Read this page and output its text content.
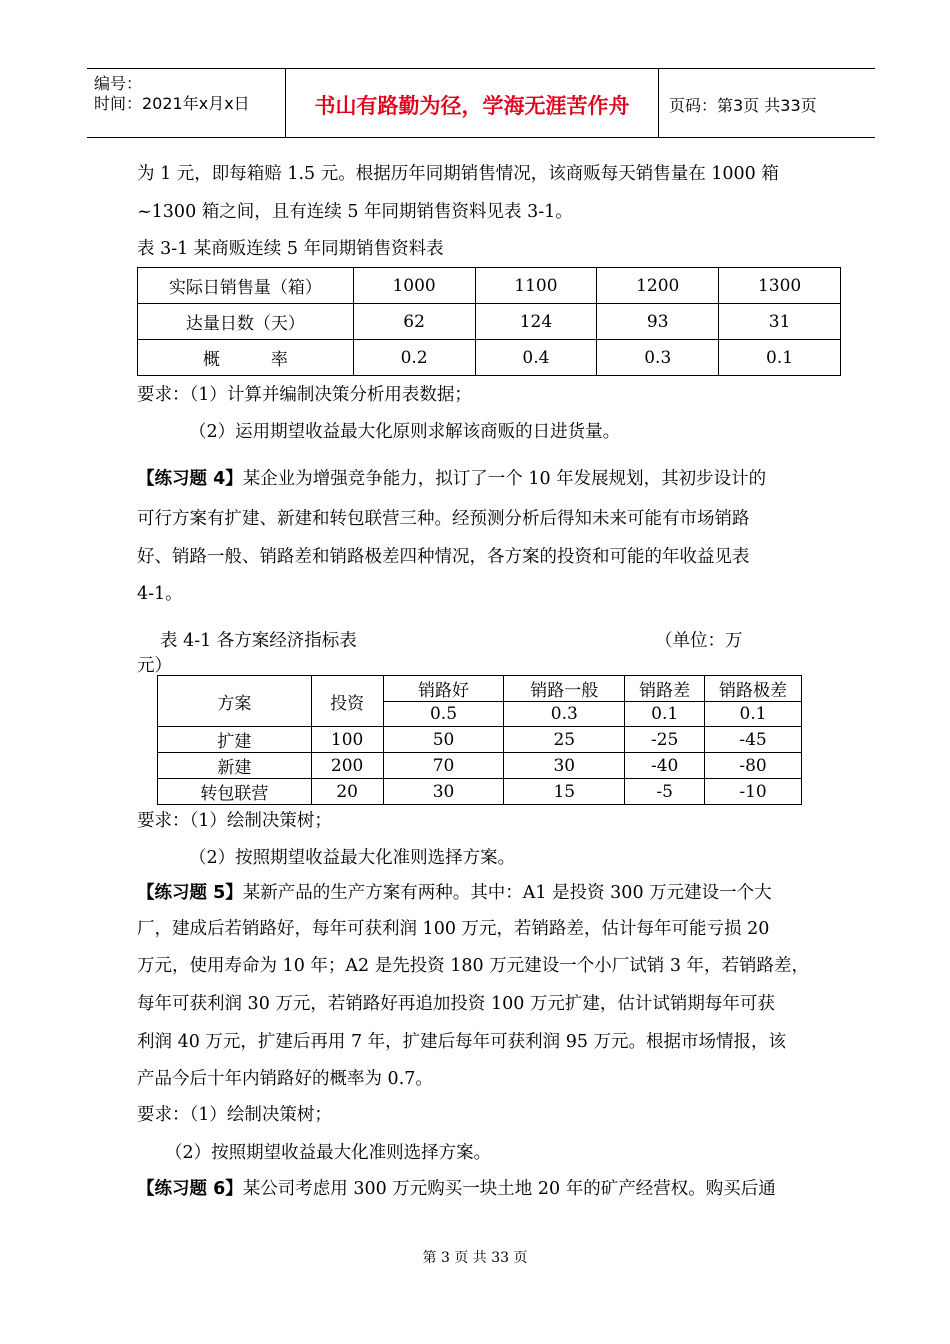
编号：
时间：2021年x月x日	书山有路勤为径，学海无涯苦作舟	页码：第3页 共33页
为 1 元，即每箱赔 1.5 元。根据历年同期销售情况，该商贩每天销售量在 1000 箱
~1300 箱之间，且有连续 5 年同期销售资料见表 3-1。
表 3-1 某商贩连续 5 年同期销售资料表
实际日销售量（箱）	1000	1100	1200	1300
达量日数（天）	62	124	93	31
概　　　率	0.2	0.4	0.3	0.1
要求：（1）计算并编制决策分析用表数据；
（2）运用期望收益最大化原则求解该商贩的日进货量。
【练习题 4】某企业为增强竞争能力，拟订了一个 10 年发展规划，其初步设计的
可行方案有扩建、新建和转包联营三种。经预测分析后得知未来可能有市场销路
好、销路一般、销路差和销路极差四种情况，各方案的投资和可能的年收益见表
4-1。
表 4-1 各方案经济指标表	（单位：万
元）
方案	投资	销路好	销路一般	销路差	销路极差
		0.5	0.3	0.1	0.1
扩建	100	50	25	-25	-45
新建	200	70	30	-40	-80
转包联营	20	30	15	-5	-10
要求：（1）绘制决策树；
（2）按照期望收益最大化准则选择方案。
【练习题 5】某新产品的生产方案有两种。其中：A1 是投资 300 万元建设一个大
厂，建成后若销路好，每年可获利润 100 万元，若销路差，估计每年可能亏损 20
万元，使用寿命为 10 年；A2 是先投资 180 万元建设一个小厂试销 3 年，若销路差，
每年可获利润 30 万元，若销路好再追加投资 100 万元扩建，估计试销期每年可获
利润 40 万元，扩建后再用 7 年，扩建后每年可获利润 95 万元。根据市场情报，该
产品今后十年内销路好的概率为 0.7。
要求：（1）绘制决策树；
（2）按照期望收益最大化准则选择方案。
【练习题 6】某公司考虑用 300 万元购买一块土地 20 年的矿产经营权。购买后通
第 3 页 共 33 页
